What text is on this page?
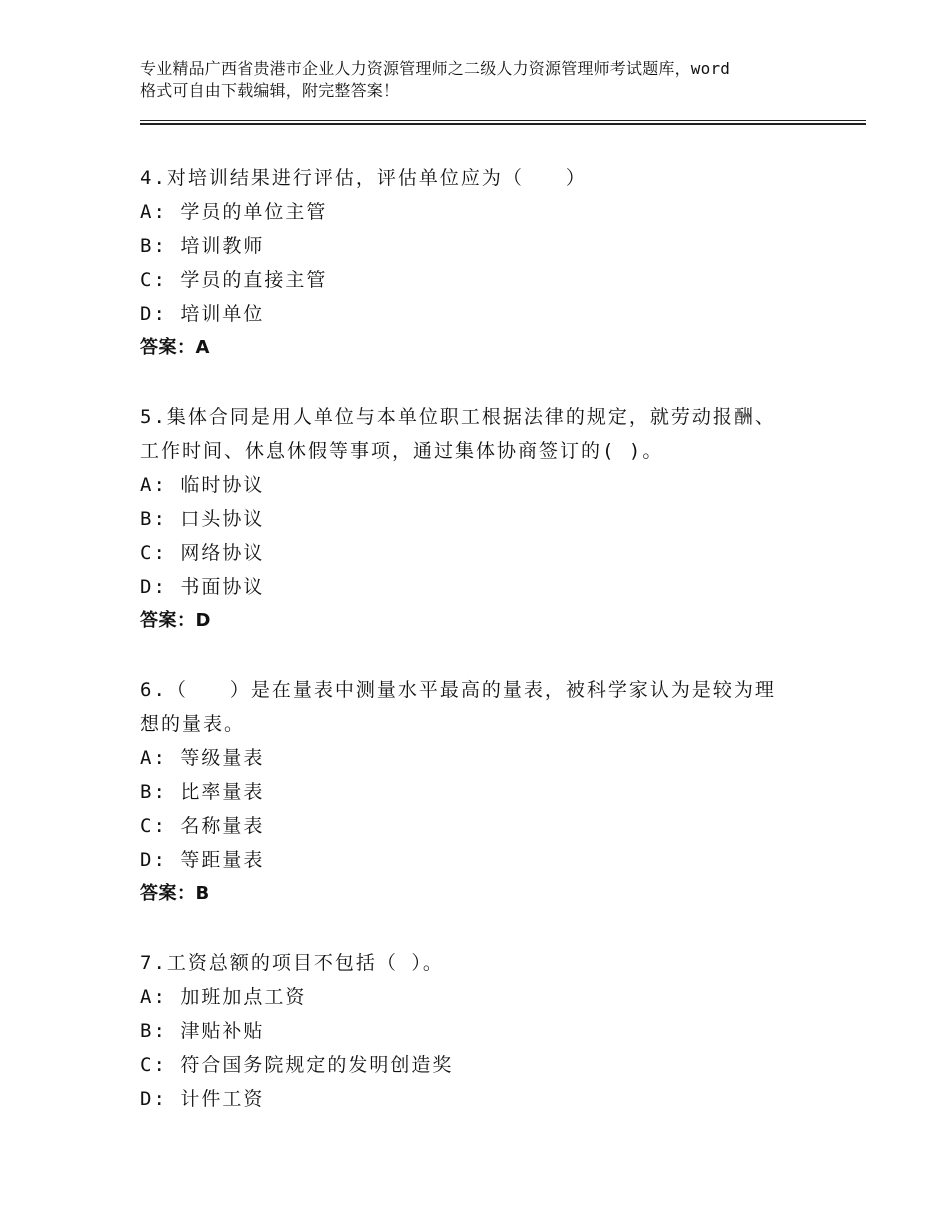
专业精品广西省贵港市企业人力资源管理师之二级人力资源管理师考试题库，word
格式可自由下载编辑，附完整答案！
4.对培训结果进行评估，评估单位应为（　　）
A: 学员的单位主管
B: 培训教师
C: 学员的直接主管
D: 培训单位
答案：A
5.集体合同是用人单位与本单位职工根据法律的规定，就劳动报酬、
工作时间、休息休假等事项，通过集体协商签订的( )。
A: 临时协议
B: 口头协议
C: 网络协议
D: 书面协议
答案：D
6.（　　）是在量表中测量水平最高的量表，被科学家认为是较为理
想的量表。
A: 等级量表
B: 比率量表
C: 名称量表
D: 等距量表
答案：B
7.工资总额的项目不包括（ ）。
A: 加班加点工资
B: 津贴补贴
C: 符合国务院规定的发明创造奖
D: 计件工资
